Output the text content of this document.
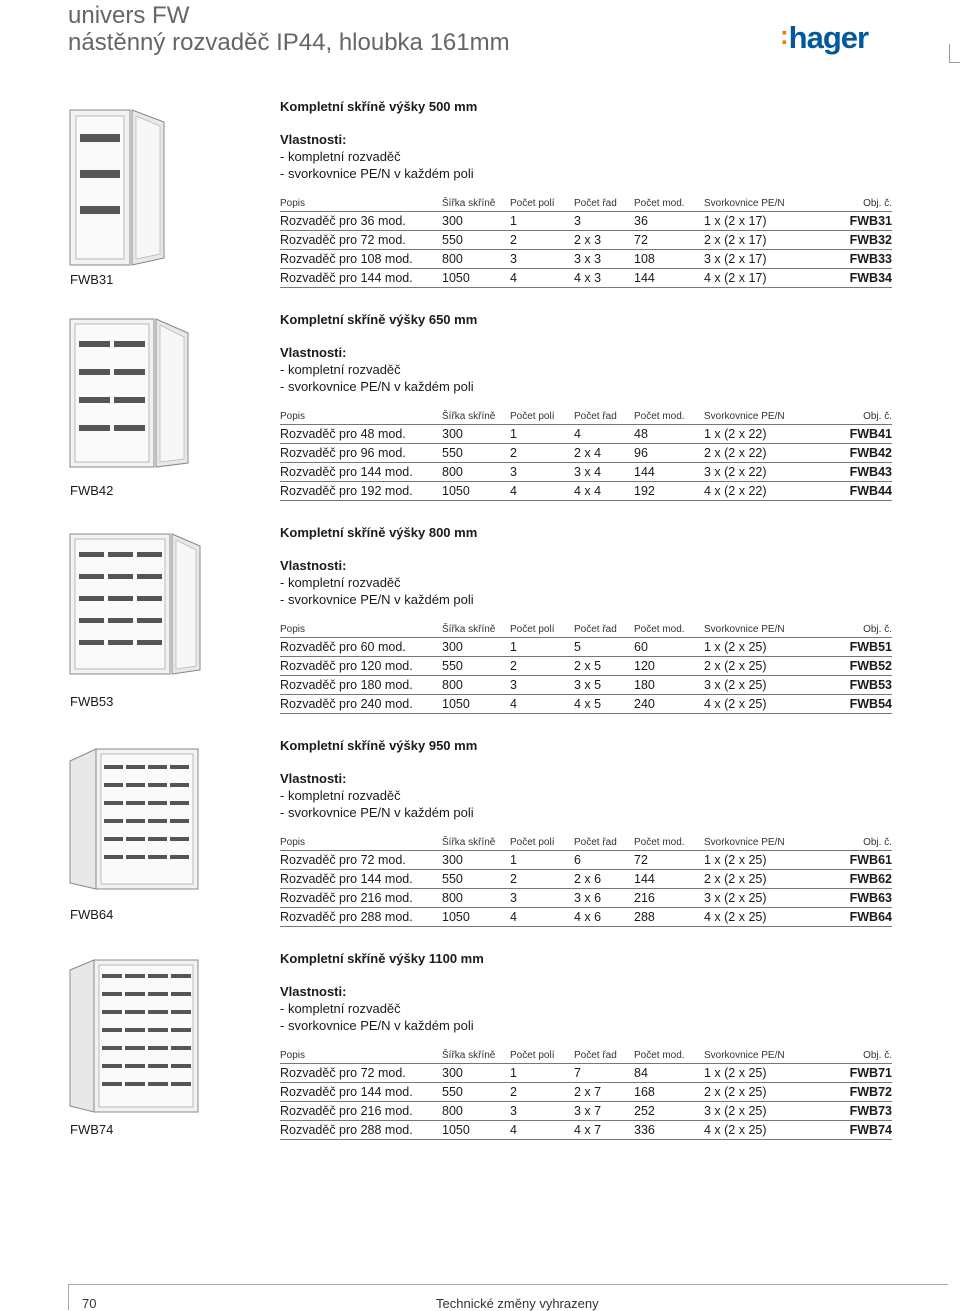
univers FW
nástěnný rozvaděč IP44, hloubka 161mm	:hager
FWB31
Kompletní skříně výšky 500 mm
Vlastnosti:
- kompletní rozvaděč
- svorkovnice PE/N v každém poli
Popis	Šířka skříně	Počet polí	Počet řad	Počet mod.	Svorkovnice PE/N	Obj. č.
Rozvaděč pro 36 mod.	300	1	3	36	1 x (2 x 17)	FWB31
Rozvaděč pro 72 mod.	550	2	2 x 3	72	2 x (2 x 17)	FWB32
Rozvaděč pro 108 mod.	800	3	3 x 3	108	3 x (2 x 17)	FWB33
Rozvaděč pro 144 mod.	1050	4	4 x 3	144	4 x (2 x 17)	FWB34
FWB42
Kompletní skříně výšky 650 mm
Vlastnosti:
- kompletní rozvaděč
- svorkovnice PE/N v každém poli
Popis	Šířka skříně	Počet polí	Počet řad	Počet mod.	Svorkovnice PE/N	Obj. č.
Rozvaděč pro 48 mod.	300	1	4	48	1 x (2 x 22)	FWB41
Rozvaděč pro 96 mod.	550	2	2 x 4	96	2 x (2 x 22)	FWB42
Rozvaděč pro 144 mod.	800	3	3 x 4	144	3 x (2 x 22)	FWB43
Rozvaděč pro 192 mod.	1050	4	4 x 4	192	4 x (2 x 22)	FWB44
FWB53
Kompletní skříně výšky 800 mm
Vlastnosti:
- kompletní rozvaděč
- svorkovnice PE/N v každém poli
Popis	Šířka skříně	Počet polí	Počet řad	Počet mod.	Svorkovnice PE/N	Obj. č.
Rozvaděč pro 60 mod.	300	1	5	60	1 x (2 x 25)	FWB51
Rozvaděč pro 120 mod.	550	2	2 x 5	120	2 x (2 x 25)	FWB52
Rozvaděč pro 180 mod.	800	3	3 x 5	180	3 x (2 x 25)	FWB53
Rozvaděč pro 240 mod.	1050	4	4 x 5	240	4 x (2 x 25)	FWB54
FWB64
Kompletní skříně výšky 950 mm
Vlastnosti:
- kompletní rozvaděč
- svorkovnice PE/N v každém poli
Popis	Šířka skříně	Počet polí	Počet řad	Počet mod.	Svorkovnice PE/N	Obj. č.
Rozvaděč pro 72 mod.	300	1	6	72	1 x (2 x 25)	FWB61
Rozvaděč pro 144 mod.	550	2	2 x 6	144	2 x (2 x 25)	FWB62
Rozvaděč pro 216 mod.	800	3	3 x 6	216	3 x (2 x 25)	FWB63
Rozvaděč pro 288 mod.	1050	4	4 x 6	288	4 x (2 x 25)	FWB64
FWB74
Kompletní skříně výšky 1100 mm
Vlastnosti:
- kompletní rozvaděč
- svorkovnice PE/N v každém poli
Popis	Šířka skříně	Počet polí	Počet řad	Počet mod.	Svorkovnice PE/N	Obj. č.
Rozvaděč pro 72 mod.	300	1	7	84	1 x (2 x 25)	FWB71
Rozvaděč pro 144 mod.	550	2	2 x 7	168	2 x (2 x 25)	FWB72
Rozvaděč pro 216 mod.	800	3	3 x 7	252	3 x (2 x 25)	FWB73
Rozvaděč pro 288 mod.	1050	4	4 x 7	336	4 x (2 x 25)	FWB74
70	Technické změny vyhrazeny
